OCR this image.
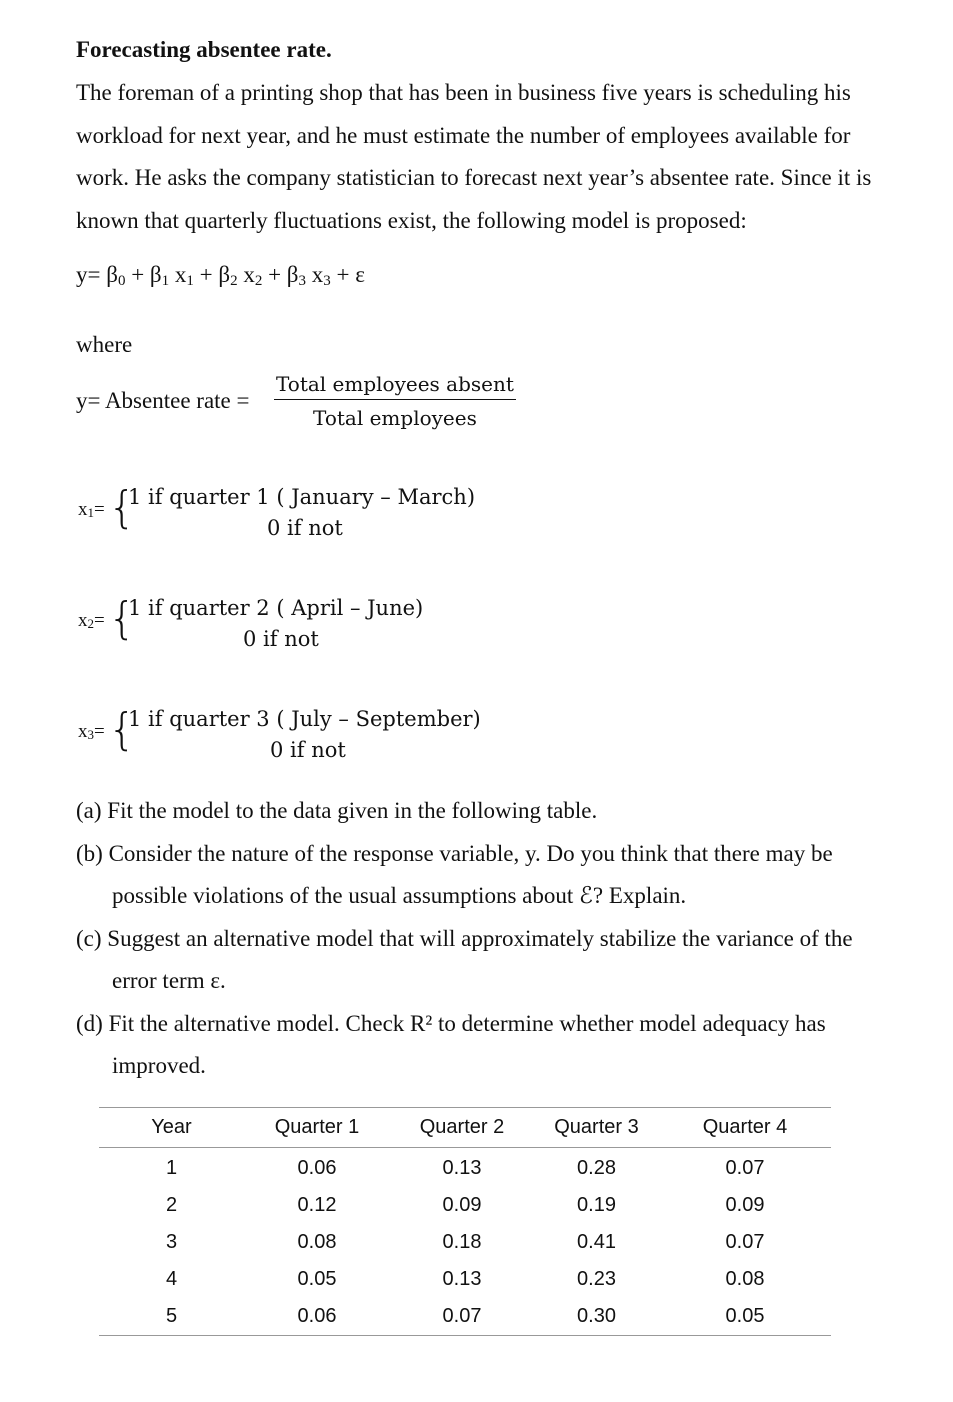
Forecasting absentee rate.
The foreman of a printing shop that has been in business five years is scheduling his
workload for next year, and he must estimate the number of employees available for
work. He asks the company statistician to forecast next year’s absentee rate. Since it is
known that quarterly fluctuations exist, the following model is proposed:
$y= \beta_0 + \beta_1$ $x_1 + \beta_2$ $x_2 + \beta_3$ $x_3 + \varepsilon$
where
y= Absentee rate =
Total employees absent
Total employees
$x_1=$ {
1 if quarter 1 ( January – March)
0 if not
$x_2=$ {
1 if quarter 2 ( April – June)
0 if not
$x_3=$ {
1 if quarter 3 ( July – September)
0 if not
(a) Fit the model to the data given in the following table.
(b) Consider the nature of the response variable, y. Do you think that there may be
possible violations of the usual assumptions about ℰ? Explain.
(c) Suggest an alternative model that will approximately stabilize the variance of the
error term ε.
(d) Fit the alternative model. Check R² to determine whether model adequacy has
improved.
Year	Quarter 1	Quarter 2	Quarter 3	Quarter 4
1	0.06	0.13	0.28	0.07
2	0.12	0.09	0.19	0.09
3	0.08	0.18	0.41	0.07
4	0.05	0.13	0.23	0.08
5	0.06	0.07	0.30	0.05
